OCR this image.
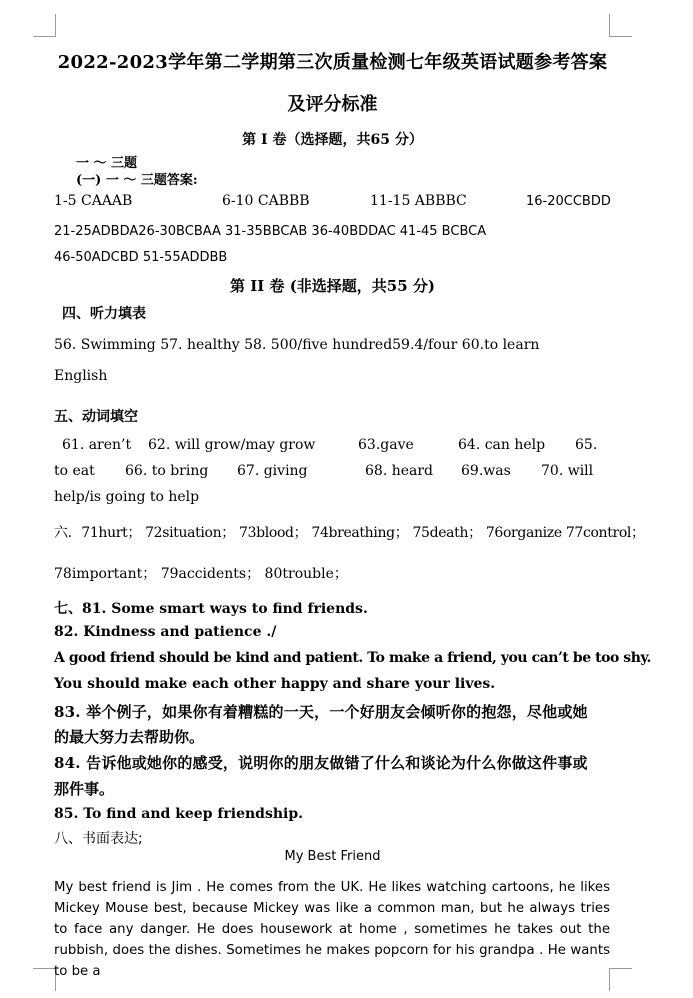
2022-2023学年第二学期第三次质量检测七年级英语试题参考答案
及评分标准
第 I 卷（选择题，共65 分）
一 ～ 三题
(一) 一 ～ 三题答案:
1-5 CAAAB	6-10 CABBB	11-15 ABBBC	16-20CCBDD
21-25ADBDA26-30BCBAA 31-35BBCAB 36-40BDDAC 41-45 BCBCA
46-50ADCBD 51-55ADDBB
第 II 卷 (非选择题，共55 分)
四、听力填表
56. Swimming 57. healthy 58. 500/five hundred59.4/four 60.to learn
English
五、动词填空
61. aren’t 62. will grow/may grow	63.gave	64. can help 65.
to eat 66. to bring 67. giving	68. heard 69.was 70. will
help/is going to help
六．71hurt； 72situation； 73blood； 74breathing； 75death； 76organize 77control；
78important； 79accidents； 80trouble；
七、81. Some smart ways to find friends.
82. Kindness and patience ./
A good friend should be kind and patient. To make a friend, you can’t be too shy.
You should make each other happy and share your lives.
83. 举个例子，如果你有着糟糕的一天，一个好朋友会倾听你的抱怨，尽他或她
的最大努力去帮助你。
84. 告诉他或她你的感受，说明你的朋友做错了什么和谈论为什么你做这件事或
那件事。
85. To find and keep friendship.
八、书面表达;
My Best Friend
My best friend is Jim . He comes from the UK. He likes watching cartoons, he likes Mickey Mouse best, because Mickey was like a common man, but he always tries to face any danger. He does housework at home , sometimes he takes out the rubbish, does the dishes. Sometimes he makes popcorn for his grandpa . He wants to be a
